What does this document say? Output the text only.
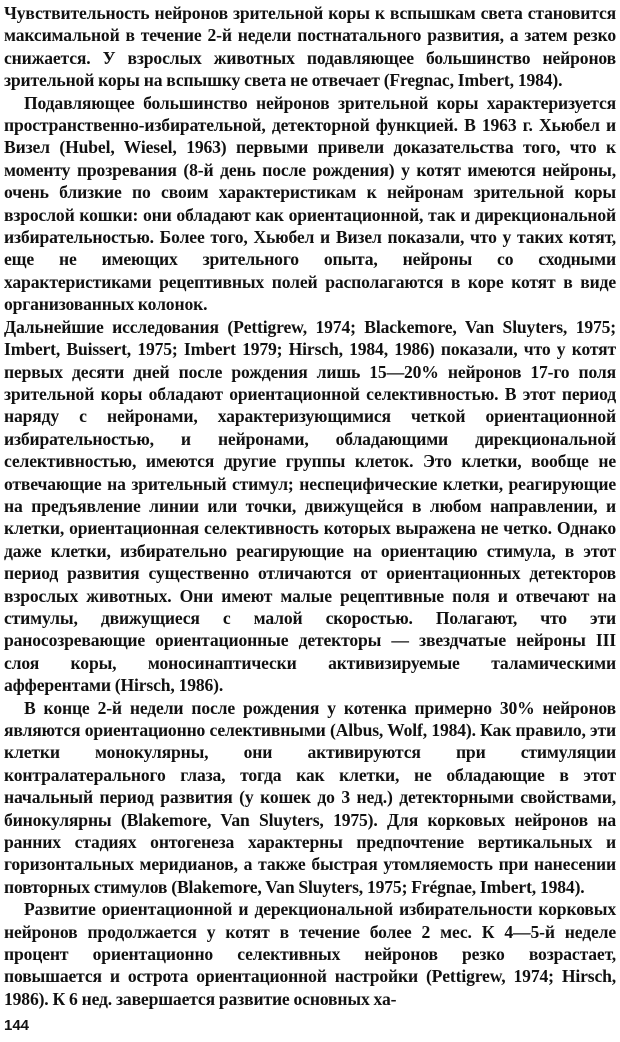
Чувствительность нейронов зрительной коры к вспышкам света становится максимальной в течение 2-й недели постнатального развития, а затем резко снижается. У взрослых животных подавляющее большинство нейронов зрительной коры на вспышку света не отвечает (Fregnac, Imbert, 1984).

Подавляющее большинство нейронов зрительной коры характеризуется пространственно-избирательной, детекторной функцией. В 1963 г. Хьюбел и Визел (Hubel, Wiesel, 1963) первыми привели доказательства того, что к моменту прозревания (8-й день после рождения) у котят имеются нейроны, очень близкие по своим характеристикам к нейронам зрительной коры взрослой кошки: они обладают как ориентационной, так и дирекциональной избирательностью. Более того, Хьюбел и Визел показали, что у таких котят, еще не имеющих зрительного опыта, нейроны со сходными характеристиками рецептивных полей располагаются в коре котят в виде организованных колонок.

Дальнейшие исследования (Pettigrew, 1974; Blackemore, Van Sluyters, 1975; Imbert, Buissert, 1975; Imbert 1979; Hirsch, 1984, 1986) показали, что у котят первых десяти дней после рождения лишь 15—20% нейронов 17-го поля зрительной коры обладают ориентационной селективностью. В этот период наряду с нейронами, характеризующимися четкой ориентационной избирательностью, и нейронами, обладающими дирекциональной селективностью, имеются другие группы клеток. Это клетки, вообще не отвечающие на зрительный стимул; неспецифические клетки, реагирующие на предъявление линии или точки, движущейся в любом направлении, и клетки, ориентационная селективность которых выражена не четко. Однако даже клетки, избирательно реагирующие на ориентацию стимула, в этот период развития существенно отличаются от ориентационных детекторов взрослых животных. Они имеют малые рецептивные поля и отвечают на стимулы, движущиеся с малой скоростью. Полагают, что эти раносозревающие ориентационные детекторы — звездчатые нейроны III слоя коры, моносинаптически активизируемые таламическими афферентами (Hirsch, 1986).

В конце 2-й недели после рождения у котенка примерно 30% нейронов являются ориентационно селективными (Albus, Wolf, 1984). Как правило, эти клетки монокулярны, они активируются при стимуляции контралатерального глаза, тогда как клетки, не обладающие в этот начальный период развития (у кошек до 3 нед.) детекторными свойствами, бинокулярны (Blakemore, Van Sluyters, 1975). Для корковых нейронов на ранних стадиях онтогенеза характерны предпочтение вертикальных и горизонтальных меридианов, а также быстрая утомляемость при нанесении повторных стимулов (Blakemore, Van Sluyters, 1975; Frégnae, Imbert, 1984).

Развитие ориентационной и дерекциональной избирательности корковых нейронов продолжается у котят в течение более 2 мес. К 4—5-й неделе процент ориентационно селективных нейронов резко возрастает, повышается и острота ориентационной настройки (Pettigrew, 1974; Hirsch, 1986). К 6 нед. завершается развитие основных ха-

144
